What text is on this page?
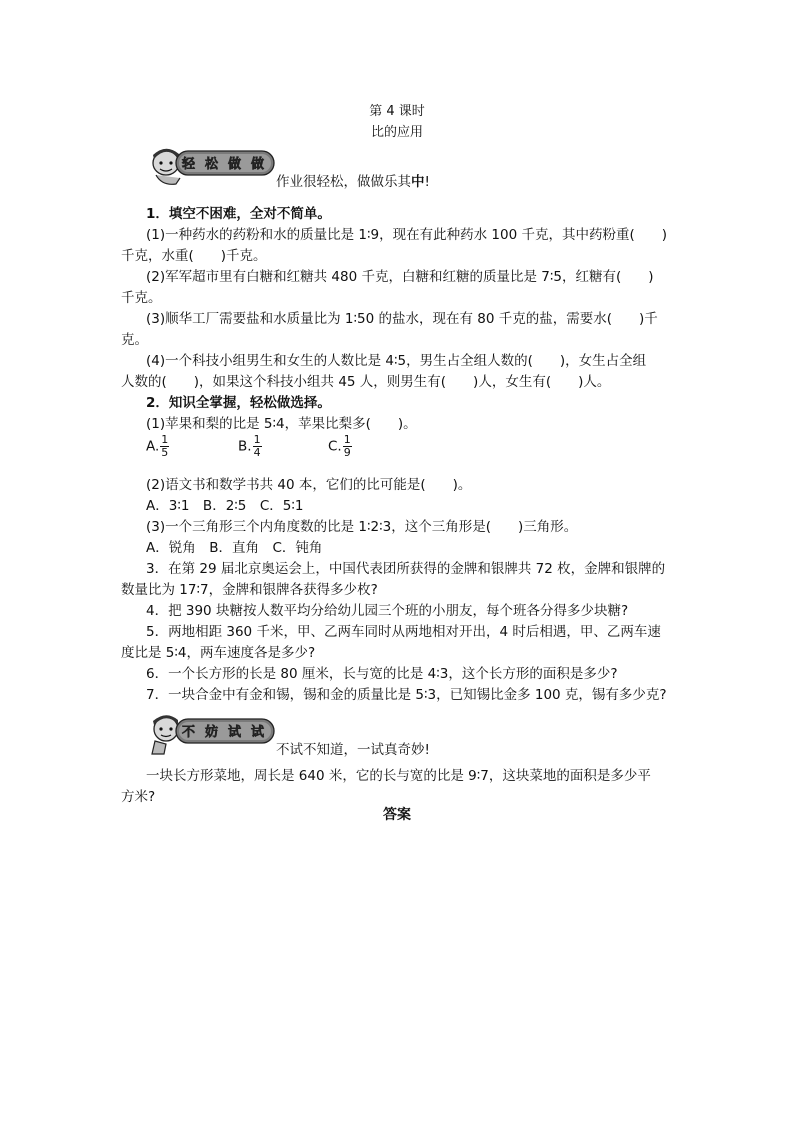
第 4 课时
比的应用
轻 松 做 做
作业很轻松，做做乐其中!
1．填空不困难，全对不简单。
(1)一种药水的药粉和水的质量比是 1∶9，现在有此种药水 100 千克，其中药粉重(　　)
千克，水重(　　)千克。
(2)军军超市里有白糖和红糖共 480 千克，白糖和红糖的质量比是 7∶5，红糖有(　　)
千克。
(3)顺华工厂需要盐和水质量比为 1∶50 的盐水，现在有 80 千克的盐，需要水(　　)千
克。
(4)一个科技小组男生和女生的人数比是 4∶5，男生占全组人数的(　　)，女生占全组
人数的(　　)，如果这个科技小组共 45 人，则男生有(　　)人，女生有(　　)人。
2．知识全掌握，轻松做选择。
(1)苹果和梨的比是 5∶4，苹果比梨多(　　)。
A. $\frac{1}{5}$	B. $\frac{1}{4}$	C. $\frac{1}{9}$
(2)语文书和数学书共 40 本，它们的比可能是(　　)。
A．3∶1　B．2∶5　C．5∶1
(3)一个三角形三个内角度数的比是 1∶2∶3，这个三角形是(　　)三角形。
A．锐角　B．直角　C．钝角
3．在第 29 届北京奥运会上，中国代表团所获得的金牌和银牌共 72 枚，金牌和银牌的
数量比为 17∶7，金牌和银牌各获得多少枚?
4．把 390 块糖按人数平均分给幼儿园三个班的小朋友，每个班各分得多少块糖?
5．两地相距 360 千米，甲、乙两车同时从两地相对开出，4 时后相遇，甲、乙两车速
度比是 5∶4，两车速度各是多少?
6．一个长方形的长是 80 厘米，长与宽的比是 4∶3，这个长方形的面积是多少?
7．一块合金中有金和锡，锡和金的质量比是 5∶3，已知锡比金多 100 克，锡有多少克?
不 妨 试 试
不试不知道，一试真奇妙!
一块长方形菜地，周长是 640 米，它的长与宽的比是 9∶7，这块菜地的面积是多少平
方米?
答案
